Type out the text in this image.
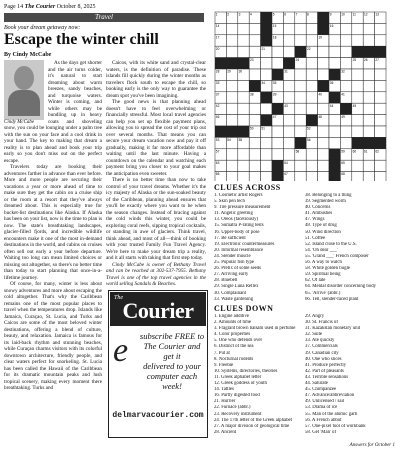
Page 14 The Courier October 8, 2025
Travel
Book your dream getaway now:
Escape the winter chill
By Cindy McCabe
Cindy McCabe

As the days get shorter and the air turns colder, it's natural to start dreaming about warm breezes, sandy beaches, and turquoise waters. Winter is coming, and while others may be bundling up in heavy coats and shoveling snow, you could be lounging under a palm tree with the sun on your face and a cool drink in your hand. The key to making that dream a reality is to plan ahead and book your trip early so you don't miss out on the perfect escape.

Travelers today are booking their adventures farther in advance than ever before. More and more people are securing their vacations a year or more ahead of time to make sure they get the cabin on a cruise ship or the room at a resort that they've always dreamed about. This is especially true for bucket-list destinations like Alaska. If Alaska has been on your list, now is the time to plan is now. The state's breathtaking landscapes, glacier-filled fjords, and incredible wildlife encounters make it one of the most in-demand destinations in the world, and cabins on cruises often sell out early a year before departure. Waiting too long can mean limited choices or missing out altogether, so there's no better time than today to start planning that once-in-a-lifetime journey.

Of course, for many, winter is less about snowy adventures and more about escaping the cold altogether. That's why the Caribbean remains one of the most popular places to travel when the temperatures drop. Islands like Jamaica, Curaçao, St. Lucia, and Turks and Caicos are some of the most beloved winter destinations, offering a blend of culture, beauty, and relaxation. Jamaica is famous for its laid-back rhythm and stunning beaches, while Curaçao charms visitors with its colorful downtown architecture, friendly people, and clear waters perfect for snorkeling. St. Lucia has been called the Hawaii of the Caribbean for its dramatic mountain peaks and lush tropical scenery, making every moment there breathtaking. Turks and

Caicos, with its white sand and crystal-clear waters, is the definition of paradise. These islands fill quickly during the winter months as travelers flock south to escape the chill, so booking early is the only way to guarantee the dream spot you've been imagining.

The good news is that planning ahead doesn't have to feel overwhelming or financially stressful. Most local travel agencies can help you set up flexible payment plans, allowing you to spread the cost of your trip out over several months. That means you can secure your dream vacation now and pay it off gradually, making it far more affordable than waiting until the last minute. Having a countdown on the calendar and watching each payment bring you closer to your goal makes the anticipation even sweeter.

There is no better time than now to take control of your travel dreams. Whether it's the icy majesty of Alaska or the sun-soaked beauty of the Caribbean, planning ahead ensures that you'll be exactly where you want to be when the season changes. Instead of bracing against the cold winds this winter, you could be exploring coral reefs, sipping tropical cocktails, or standing in awe of glaciers. Think travel, think ahead, and most of all—think of booking with your trusted Family Fun Travel Agency. We're here to make your dream trip a reality, and it all starts with taking that first step today.

Cindy McCabe is owner of Bethany Travel and can be reached at 302-537-7955. Bethany Travel is one of the top travel agencies in the world selling Sandals & Beaches.

The Courier
e subscribe FREE to
The Courier and get it
delivered to your
computer each week!
delmarvacourier.com
1	2	3	4	5	6	7	8	9	10 11	12 13
14	15	16
17	18	19
20	21	22
23	24	25 26 27
28 29 30	31	32
33	34 35	36
37	38	39	40	41
42	43	44	45
46	47	48	49
50 51	52
53 54 55	56
57	58	59 60 61 62
63	64	65
66	67	68
CLUES ACROSS
1. Cosmetic artist Rogers
5. Skin pen tech
9. Tire pressure measurement
11. Angelic greeting
13. Oreos (facetiously)
15. Sumatra P-rating tests
16. Upper-body of pose
17. Be sufficient
19. Electronic countermeasures
20. Informal resemblance
24. Slender muscle
25. Popular fish type
26. Prefix of some seeds
27. Arriving early
28. Bluebell
29. Single Luna Reflex
30. Complainant
33. Waste gardening
38. Belonging to a thing
39. Segmented worm
40. Concerns
41. Ambushes
47. Wings
48. Type of drug
50. Wind direction
51. Coffee
52. Island close to the U.S.
54. 'Oh dear ___'
55. 'Grand ___' French composer
56. A way to watch
58. White golden bugle
59. Spiritual being
62. Of late
64. Mental disorder concerning body
65. 'Arrive' (abbr.)
66. Tell, slender-faced plant
CLUES DOWN
1. Engine additive
2. Amounts of time
3. Fragrant brown balsam used in perfume
4. Color properties
5. One who defends over
6. Distinct of the sea
7. Put at
8. Nocturnal rodents
9. Freebie
10. Systems, directories, theories
11. Greek alphabet letter
12. Greek goddess of youth
14. Tattles
16. Partly digested food
21. Hurrier
22. Furnace (abbr.)
23. Recovery instrument
24. The 17th letter of the Greek alphabet
27. A major division of geological time
28. Ancient
29. Angry
30. St. Francis of
31. Kazakstan monetary unit
32. Suite
33. Ate quickly
37. Commercials
39. Canadian city
40. One who slices
41. Produce perfectly
42. Part of pleasants
43. Terrible sensations
44. Saturate
45. Chimpanzee
47. Advance/abbreviation
49. Unlicensed / sail
53. Drama of ice
55. Man of the atomic garb
56. A French abbot
57. One-pixel tool of workbank
58. Get 'Man' of
Answers for October 1
